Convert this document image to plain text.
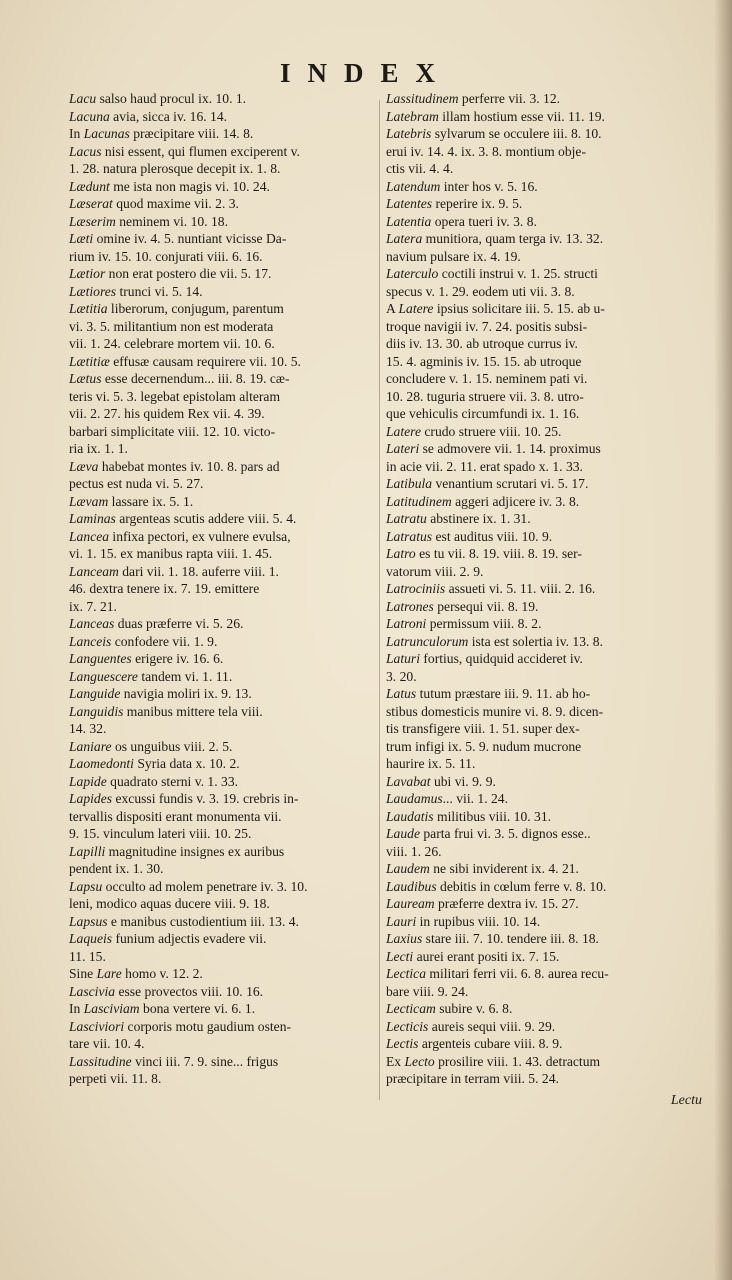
INDEX
Lacu salso haud procul ix. 10. 1.
Lacuna avia, sicca iv. 16. 14.
In Lacunas præcipitare viii. 14. 8.
Lacus nisi essent, qui flumen exciperent v.
1. 28. natura plerosque decepit ix. 1. 8.
Lædunt me ista non magis vi. 10. 24.
Læserat quod maxime vii. 2. 3.
Læserim neminem vi. 10. 18.
Læti omine iv. 4. 5. nuntiant vicisse Da-
rium iv. 15. 10. conjurati viii. 6. 16.
Lætior non erat postero die vii. 5. 17.
Lætiores trunci vi. 5. 14.
Lætitia liberorum, conjugum, parentum
vi. 3. 5. militantium non est moderata
vii. 1. 24. celebrare mortem vii. 10. 6.
Lætitiæ effusæ causam requirere vii. 10. 5.
Lætus esse decernendum... iii. 8. 19. cæ-
teris vi. 5. 3. legebat epistolam alteram
vii. 2. 27. his quidem Rex vii. 4. 39.
barbari simplicitate viii. 12. 10. victo-
ria ix. 1. 1.
Læva habebat montes iv. 10. 8. pars ad
pectus est nuda vi. 5. 27.
Lævam lassare ix. 5. 1.
Laminas argenteas scutis addere viii. 5. 4.
Lancea infixa pectori, ex vulnere evulsa,
vi. 1. 15. ex manibus rapta viii. 1. 45.
Lanceam dari vii. 1. 18. auferre viii. 1.
46. dextra tenere ix. 7. 19. emittere
ix. 7. 21.
Lanceas duas præferre vi. 5. 26.
Lanceis confodere vii. 1. 9.
Languentes erigere iv. 16. 6.
Languescere tandem vi. 1. 11.
Languide navigia moliri ix. 9. 13.
Languidis manibus mittere tela viii.
14. 32.
Laniare os unguibus viii. 2. 5.
Laomedonti Syria data x. 10. 2.
Lapide quadrato sterni v. 1. 33.
Lapides excussi fundis v. 3. 19. crebris in-
tervallis dispositi erant monumenta vii.
9. 15. vinculum lateri viii. 10. 25.
Lapilli magnitudine insignes ex auribus
pendent ix. 1. 30.
Lapsu occulto ad molem penetrare iv. 3. 10.
leni, modico aquas ducere viii. 9. 18.
Lapsus e manibus custodientium iii. 13. 4.
Laqueis funium adjectis evadere vii.
11. 15.
Sine Lare homo v. 12. 2.
Lascivia esse provectos viii. 10. 16.
In Lasciviam bona vertere vi. 6. 1.
Lasciviori corporis motu gaudium osten-
tare vii. 10. 4.
Lassitudine vinci iii. 7. 9. sine... frigus
perpeti vii. 11. 8.
Lassitudinem perferre vii. 3. 12.
Latebram illam hostium esse vii. 11. 19.
Latebris sylvarum se occulere iii. 8. 10.
erui iv. 14. 4. ix. 3. 8. montium obje-
ctis vii. 4. 4.
Latendum inter hos v. 5. 16.
Latentes reperire ix. 9. 5.
Latentia opera tueri iv. 3. 8.
Latera munitiora, quam terga iv. 13. 32.
navium pulsare ix. 4. 19.
Laterculo coctili instrui v. 1. 25. structi
specus v. 1. 29. eodem uti vii. 3. 8.
A Latere ipsius solicitare iii. 5. 15. ab u-
troque navigii iv. 7. 24. positis subsi-
diis iv. 13. 30. ab utroque currus iv.
15. 4. agminis iv. 15. 15. ab utroque
concludere v. 1. 15. neminem pati vi.
10. 28. tuguria struere vii. 3. 8. utro-
que vehiculis circumfundi ix. 1. 16.
Latere crudo struere viii. 10. 25.
Lateri se admovere vii. 1. 14. proximus
in acie vii. 2. 11. erat spado x. 1. 33.
Latibula venantium scrutari vi. 5. 17.
Latitudinem aggeri adjicere iv. 3. 8.
Latratu abstinere ix. 1. 31.
Latratus est auditus viii. 10. 9.
Latro es tu vii. 8. 19. viii. 8. 19. ser-
vatorum viii. 2. 9.
Latrociniis assueti vi. 5. 11. viii. 2. 16.
Latrones persequi vii. 8. 19.
Latroni permissum viii. 8. 2.
Latrunculorum ista est solertia iv. 13. 8.
Laturi fortius, quidquid accideret iv.
3. 20.
Latus tutum præstare iii. 9. 11. ab ho-
stibus domesticis munire vi. 8. 9. dicen-
tis transfigere viii. 1. 51. super dex-
trum infigi ix. 5. 9. nudum mucrone
haurire ix. 5. 11.
Lavabat ubi vi. 9. 9.
Laudamus... vii. 1. 24.
Laudatis militibus viii. 10. 31.
Laude parta frui vi. 3. 5. dignos esse..
viii. 1. 26.
Laudem ne sibi inviderent ix. 4. 21.
Laudibus debitis in cœlum ferre v. 8. 10.
Lauream præferre dextra iv. 15. 27.
Lauri in rupibus viii. 10. 14.
Laxius stare iii. 7. 10. tendere iii. 8. 18.
Lecti aurei erant positi ix. 7. 15.
Lectica militari ferri vii. 6. 8. aurea recu-
bare viii. 9. 24.
Lecticam subire v. 6. 8.
Lecticis aureis sequi viii. 9. 29.
Lectis argenteis cubare viii. 8. 9.
Ex Lecto prosilire viii. 1. 43. detractum
præcipitare in terram viii. 5. 24.
Lectu
